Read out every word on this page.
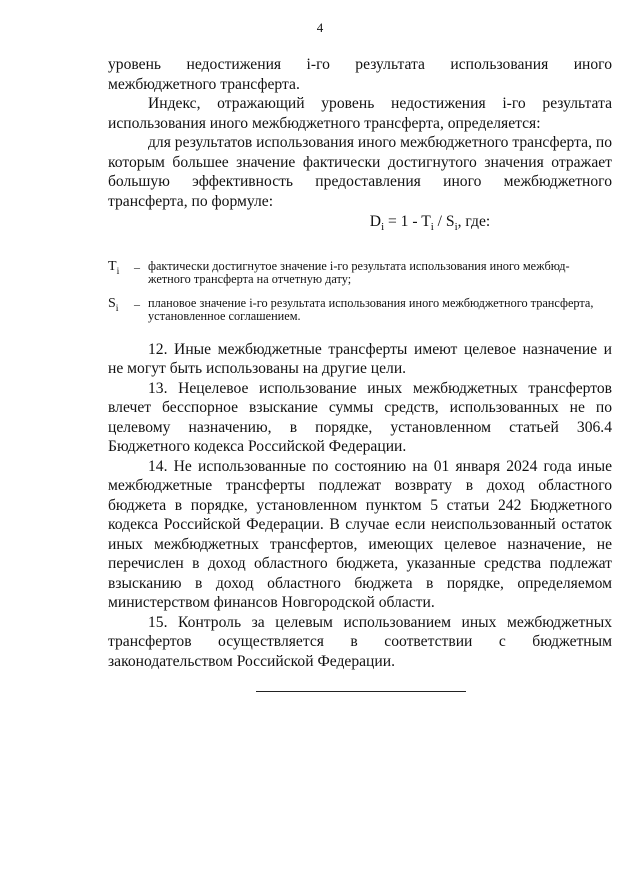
4

уровень недостижения i-го результата использования иного межбюджетного трансферта.

Индекс, отражающий уровень недостижения i-го результата использования иного межбюджетного трансферта, определяется:

для результатов использования иного межбюджетного трансферта, по которым большее значение фактически достигнутого значения отражает большую эффективность предоставления иного межбюджетного трансферта, по формуле:

$D_i = 1 - T_i / S_i$, где:
$T_i$	– фактически достигнутое значение i-го результата использования иного межбюд-жетного трансферта на отчетную дату;
$S_i$	– плановое значение i-го результата использования иного межбюджетного трансферта, установленное соглашением.

12. Иные межбюджетные трансферты имеют целевое назначение и не могут быть использованы на другие цели.

13. Нецелевое использование иных межбюджетных трансфертов влечет бесспорное взыскание суммы средств, использованных не по целевому назначению, в порядке, установленном статьей 306.4 Бюджетного кодекса Российской Федерации.

14. Не использованные по состоянию на 01 января 2024 года иные межбюджетные трансферты подлежат возврату в доход областного бюджета в порядке, установленном пунктом 5 статьи 242 Бюджетного кодекса Российской Федерации. В случае если неиспользованный остаток иных межбюджетных трансфертов, имеющих целевое назначение, не перечислен в доход областного бюджета, указанные средства подлежат взысканию в доход областного бюджета в порядке, определяемом министерством финансов Новгородской области.

15. Контроль за целевым использованием иных межбюджетных трансфертов осуществляется в соответствии с бюджетным законодательством Российской Федерации.
